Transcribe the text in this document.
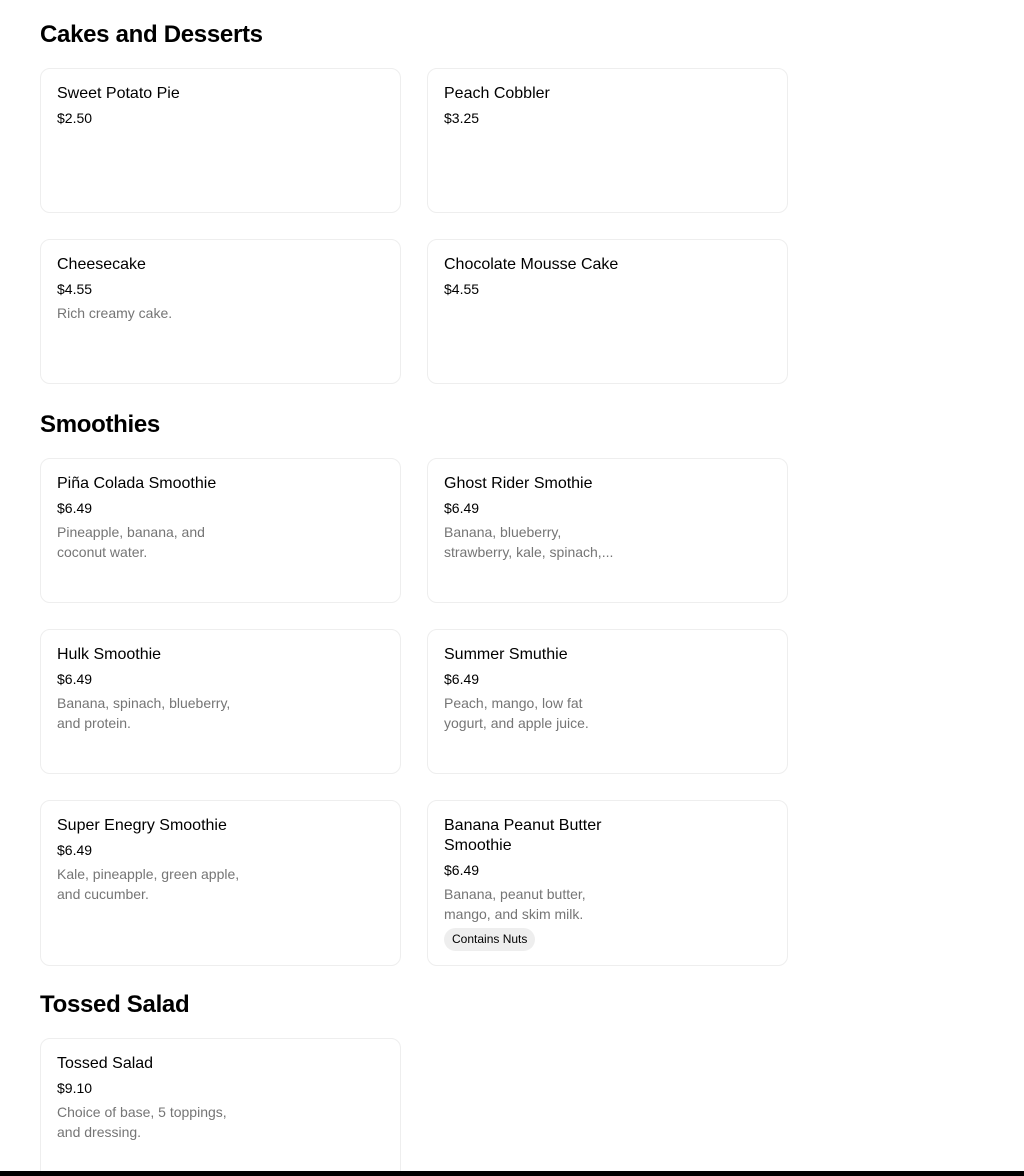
Cakes and Desserts
Sweet Potato Pie
$2.50
Peach Cobbler
$3.25
Cheesecake
$4.55
Rich creamy cake.
Chocolate Mousse Cake
$4.55
Smoothies
Piña Colada Smoothie
$6.49
Pineapple, banana, and coconut water.
Ghost Rider Smothie
$6.49
Banana, blueberry, strawberry, kale, spinach,...
Hulk Smoothie
$6.49
Banana, spinach, blueberry, and protein.
Summer Smuthie
$6.49
Peach, mango, low fat yogurt, and apple juice.
Super Enegry Smoothie
$6.49
Kale, pineapple, green apple, and cucumber.
Banana Peanut Butter Smoothie
$6.49
Banana, peanut butter, mango, and skim milk.
Contains Nuts
Tossed Salad
Tossed Salad
$9.10
Choice of base, 5 toppings, and dressing.
